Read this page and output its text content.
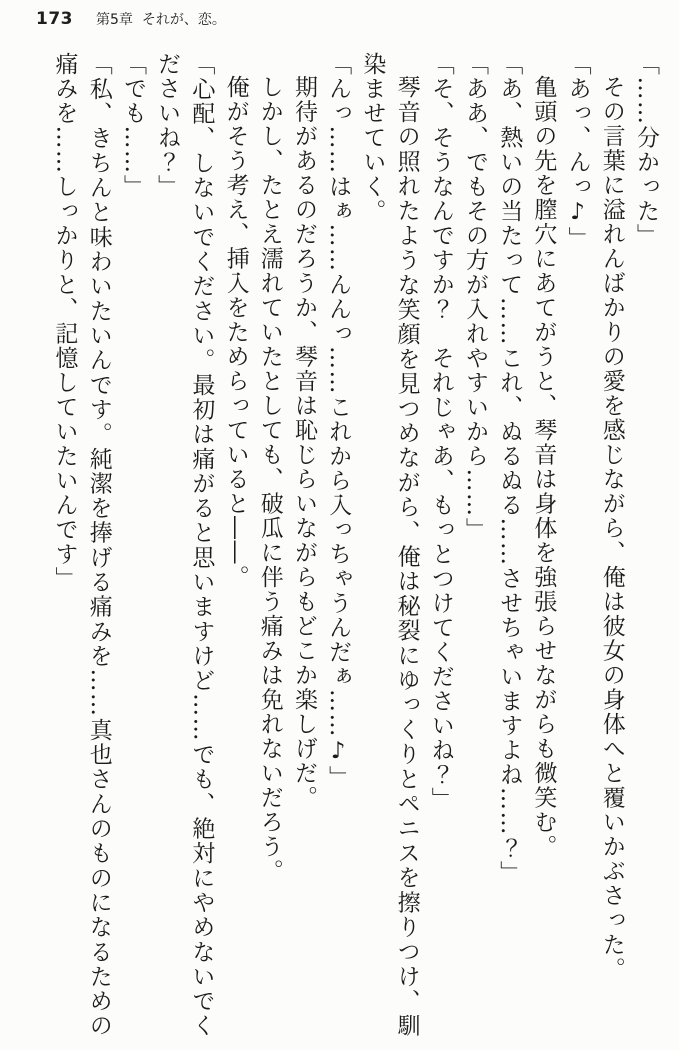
173 第5章 それが、恋。

「……分かった」

その言葉に溢れんばかりの愛を感じながら、俺は彼女の身体へと覆いかぶさった。

「あっ、んっ♪」

亀頭の先を膣穴にあてがうと、琴音は身体を強張らせながらも微笑む。

「あ、熱いの当たって……これ、ぬるぬる……させちゃいますよね……？」

「ああ、でもその方が入れやすいから……」

「そ、そうなんですか？　それじゃあ、もっとつけてくださいね？」

琴音の照れたような笑顔を見つめながら、俺は秘裂にゆっくりとペニスを擦りつけ、馴染ませていく。

「んっ……はぁ……んんっ……これから入っちゃうんだぁ……♪」

期待があるのだろうか、琴音は恥じらいながらもどこか楽しげだ。

しかし、たとえ濡れていたとしても、破瓜に伴う痛みは免れないだろう。

俺がそう考え、挿入をためらっていると――。

「心配、しないでください。最初は痛がると思いますけど……でも、絶対にやめないでくださいね？」

「でも……」

「私、きちんと味わいたいんです。純潔を捧げる痛みを……真也さんのものになるための痛みを……しっかりと、記憶していたいんです」
